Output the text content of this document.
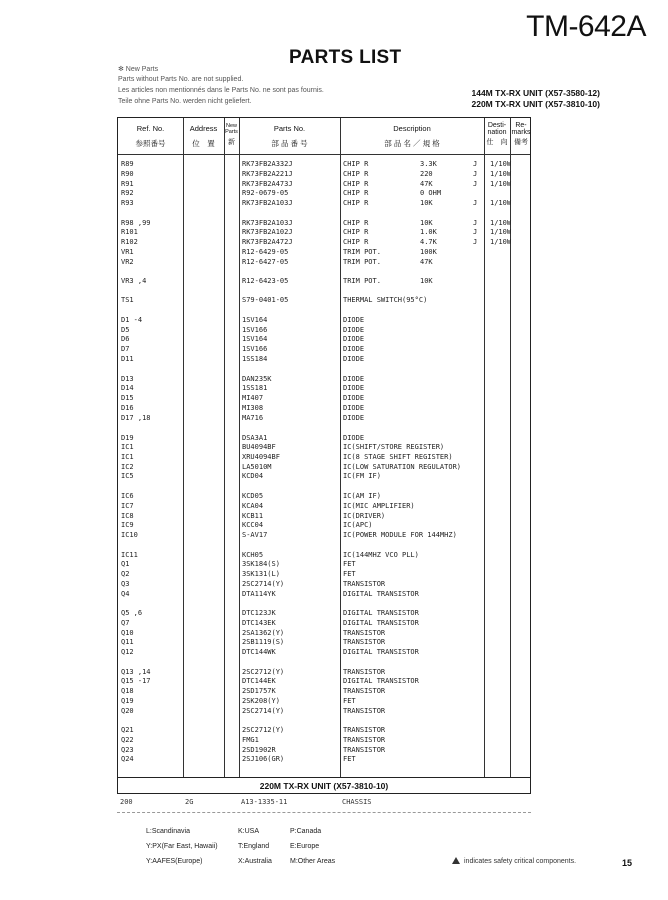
TM-642A
PARTS LIST
✻ New Parts
Parts without Parts No. are not supplied.
Les articles non mentionnés dans le Parts No. ne sont pas fournis.
Teile ohne Parts No. werden nicht geliefert.
144M TX-RX UNIT (X57-3580-12)
220M TX-RX UNIT (X57-3810-10)
Ref. No.
参照番号
Address
位　置
New Parts
新
Parts No.
部 品 番 号
Description
部 品 名 ／ 規 格
Desti- nation
仕　向
Re- marks
備考
R89	RK73FB2A332J	CHIP R	3.3K	J 1/10W
R90	RK73FB2A221J	CHIP R	220	J 1/10W
R91	RK73FB2A473J	CHIP R	47K	J 1/10W
R92	R92-0679-05	CHIP R	0 OHM
R93	RK73FB2A103J	CHIP R	10K	J 1/10W
R98 ,99	RK73FB2A103J	CHIP R	10K	J 1/10W
R101	RK73FB2A102J	CHIP R	1.0K	J 1/10W
R102	RK73FB2A472J	CHIP R	4.7K	J 1/10W
VR1	R12-6429-05	TRIM POT.	100K
VR2	R12-6427-05	TRIM POT.	47K
VR3 ,4	R12-6423-05	TRIM POT.	10K
TS1	S79-0401-05	THERMAL SWITCH(95°C)
D1 -4	1SV164	DIODE
D5	1SV166	DIODE
D6	1SV164	DIODE
D7	1SV166	DIODE
D11	1SS184	DIODE
D13	DAN235K	DIODE
D14	1SS181	DIODE
D15	MI407	DIODE
D16	MI308	DIODE
D17 ,18	MA716	DIODE
D19	DSA3A1	DIODE
IC1	BU4094BF	IC(SHIFT/STORE REGISTER)
IC1	XRU4094BF	IC(8 STAGE SHIFT REGISTER)
IC2	LA5010M	IC(LOW SATURATION REGULATOR)
IC5	KCD04	IC(FM IF)
IC6	KCD05	IC(AM IF)
IC7	KCA04	IC(MIC AMPLIFIER)
IC8	KCB11	IC(DRIVER)
IC9	KCC04	IC(APC)
IC10	S-AV17	IC(POWER MODULE FOR 144MHZ)
IC11	KCH05	IC(144MHZ VCO PLL)
Q1	3SK184(S)	FET
Q2	3SK131(L)	FET
Q3	2SC2714(Y)	TRANSISTOR
Q4	DTA114YK	DIGITAL TRANSISTOR
Q5 ,6	DTC123JK	DIGITAL TRANSISTOR
Q7	DTC143EK	DIGITAL TRANSISTOR
Q10	2SA1362(Y)	TRANSISTOR
Q11	2SB1119(S)	TRANSISTOR
Q12	DTC144WK	DIGITAL TRANSISTOR
Q13 ,14	2SC2712(Y)	TRANSISTOR
Q15 -17	DTC144EK	DIGITAL TRANSISTOR
Q18	2SD1757K	TRANSISTOR
Q19	2SK208(Y)	FET
Q20	2SC2714(Y)	TRANSISTOR
Q21	2SC2712(Y)	TRANSISTOR
Q22	FMG1	TRANSISTOR
Q23	2SD1902R	TRANSISTOR
Q24	2SJ106(GR)	FET
220M TX-RX UNIT (X57-3810-10)
200	2G	A13-1335-11	CHASSIS
L:Scandinavia	K:USA	P:Canada
Y:PX(Far East, Hawaii)	T:England	E:Europe
Y:AAFES(Europe)	X:Australia	M:Other Areas	indicates safety critical components.	15
